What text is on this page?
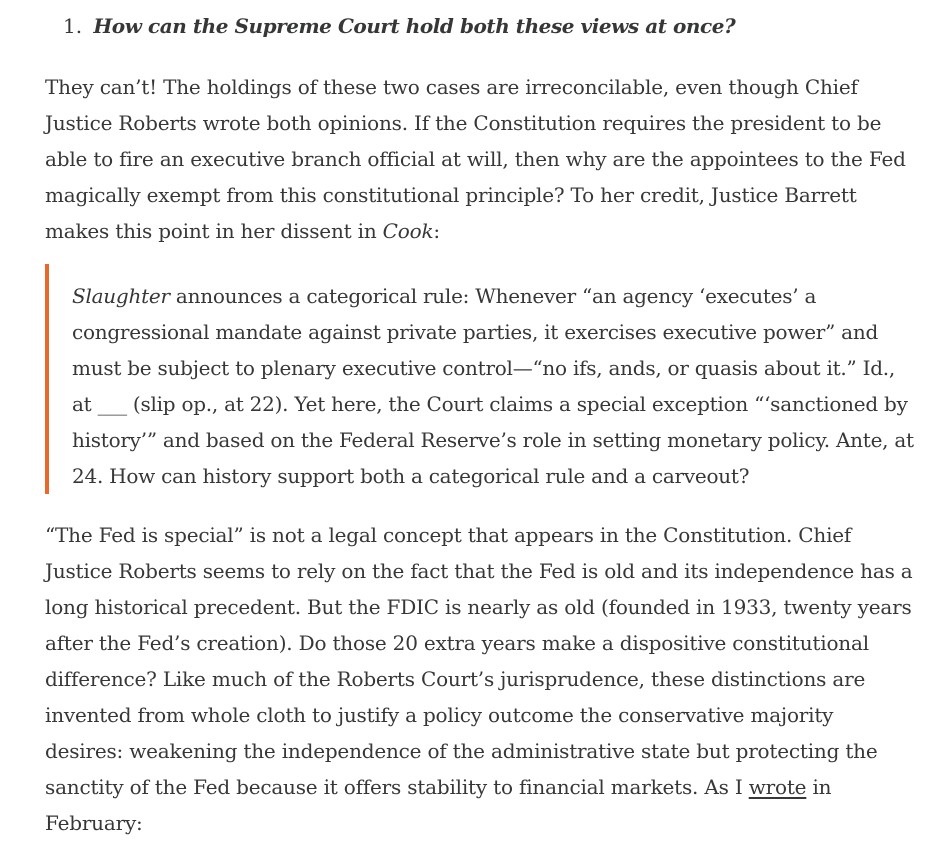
1. How can the Supreme Court hold both these views at once?

They can’t! The holdings of these two cases are irreconcilable, even though Chief
Justice Roberts wrote both opinions. If the Constitution requires the president to be
able to fire an executive branch official at will, then why are the appointees to the Fed
magically exempt from this constitutional principle? To her credit, Justice Barrett
makes this point in her dissent in Cook:

Slaughter announces a categorical rule: Whenever “an agency ‘executes’ a
congressional mandate against private parties, it exercises executive power” and
must be subject to plenary executive control—“no ifs, ands, or quasis about it.” Id.,
at ___ (slip op., at 22). Yet here, the Court claims a special exception “‘sanctioned by
history’” and based on the Federal Reserve’s role in setting monetary policy. Ante, at
24. How can history support both a categorical rule and a carveout?

“The Fed is special” is not a legal concept that appears in the Constitution. Chief
Justice Roberts seems to rely on the fact that the Fed is old and its independence has a
long historical precedent. But the FDIC is nearly as old (founded in 1933, twenty years
after the Fed’s creation). Do those 20 extra years make a dispositive constitutional
difference? Like much of the Roberts Court’s jurisprudence, these distinctions are
invented from whole cloth to justify a policy outcome the conservative majority
desires: weakening the independence of the administrative state but protecting the
sanctity of the Fed because it offers stability to financial markets. As I wrote in
February:
